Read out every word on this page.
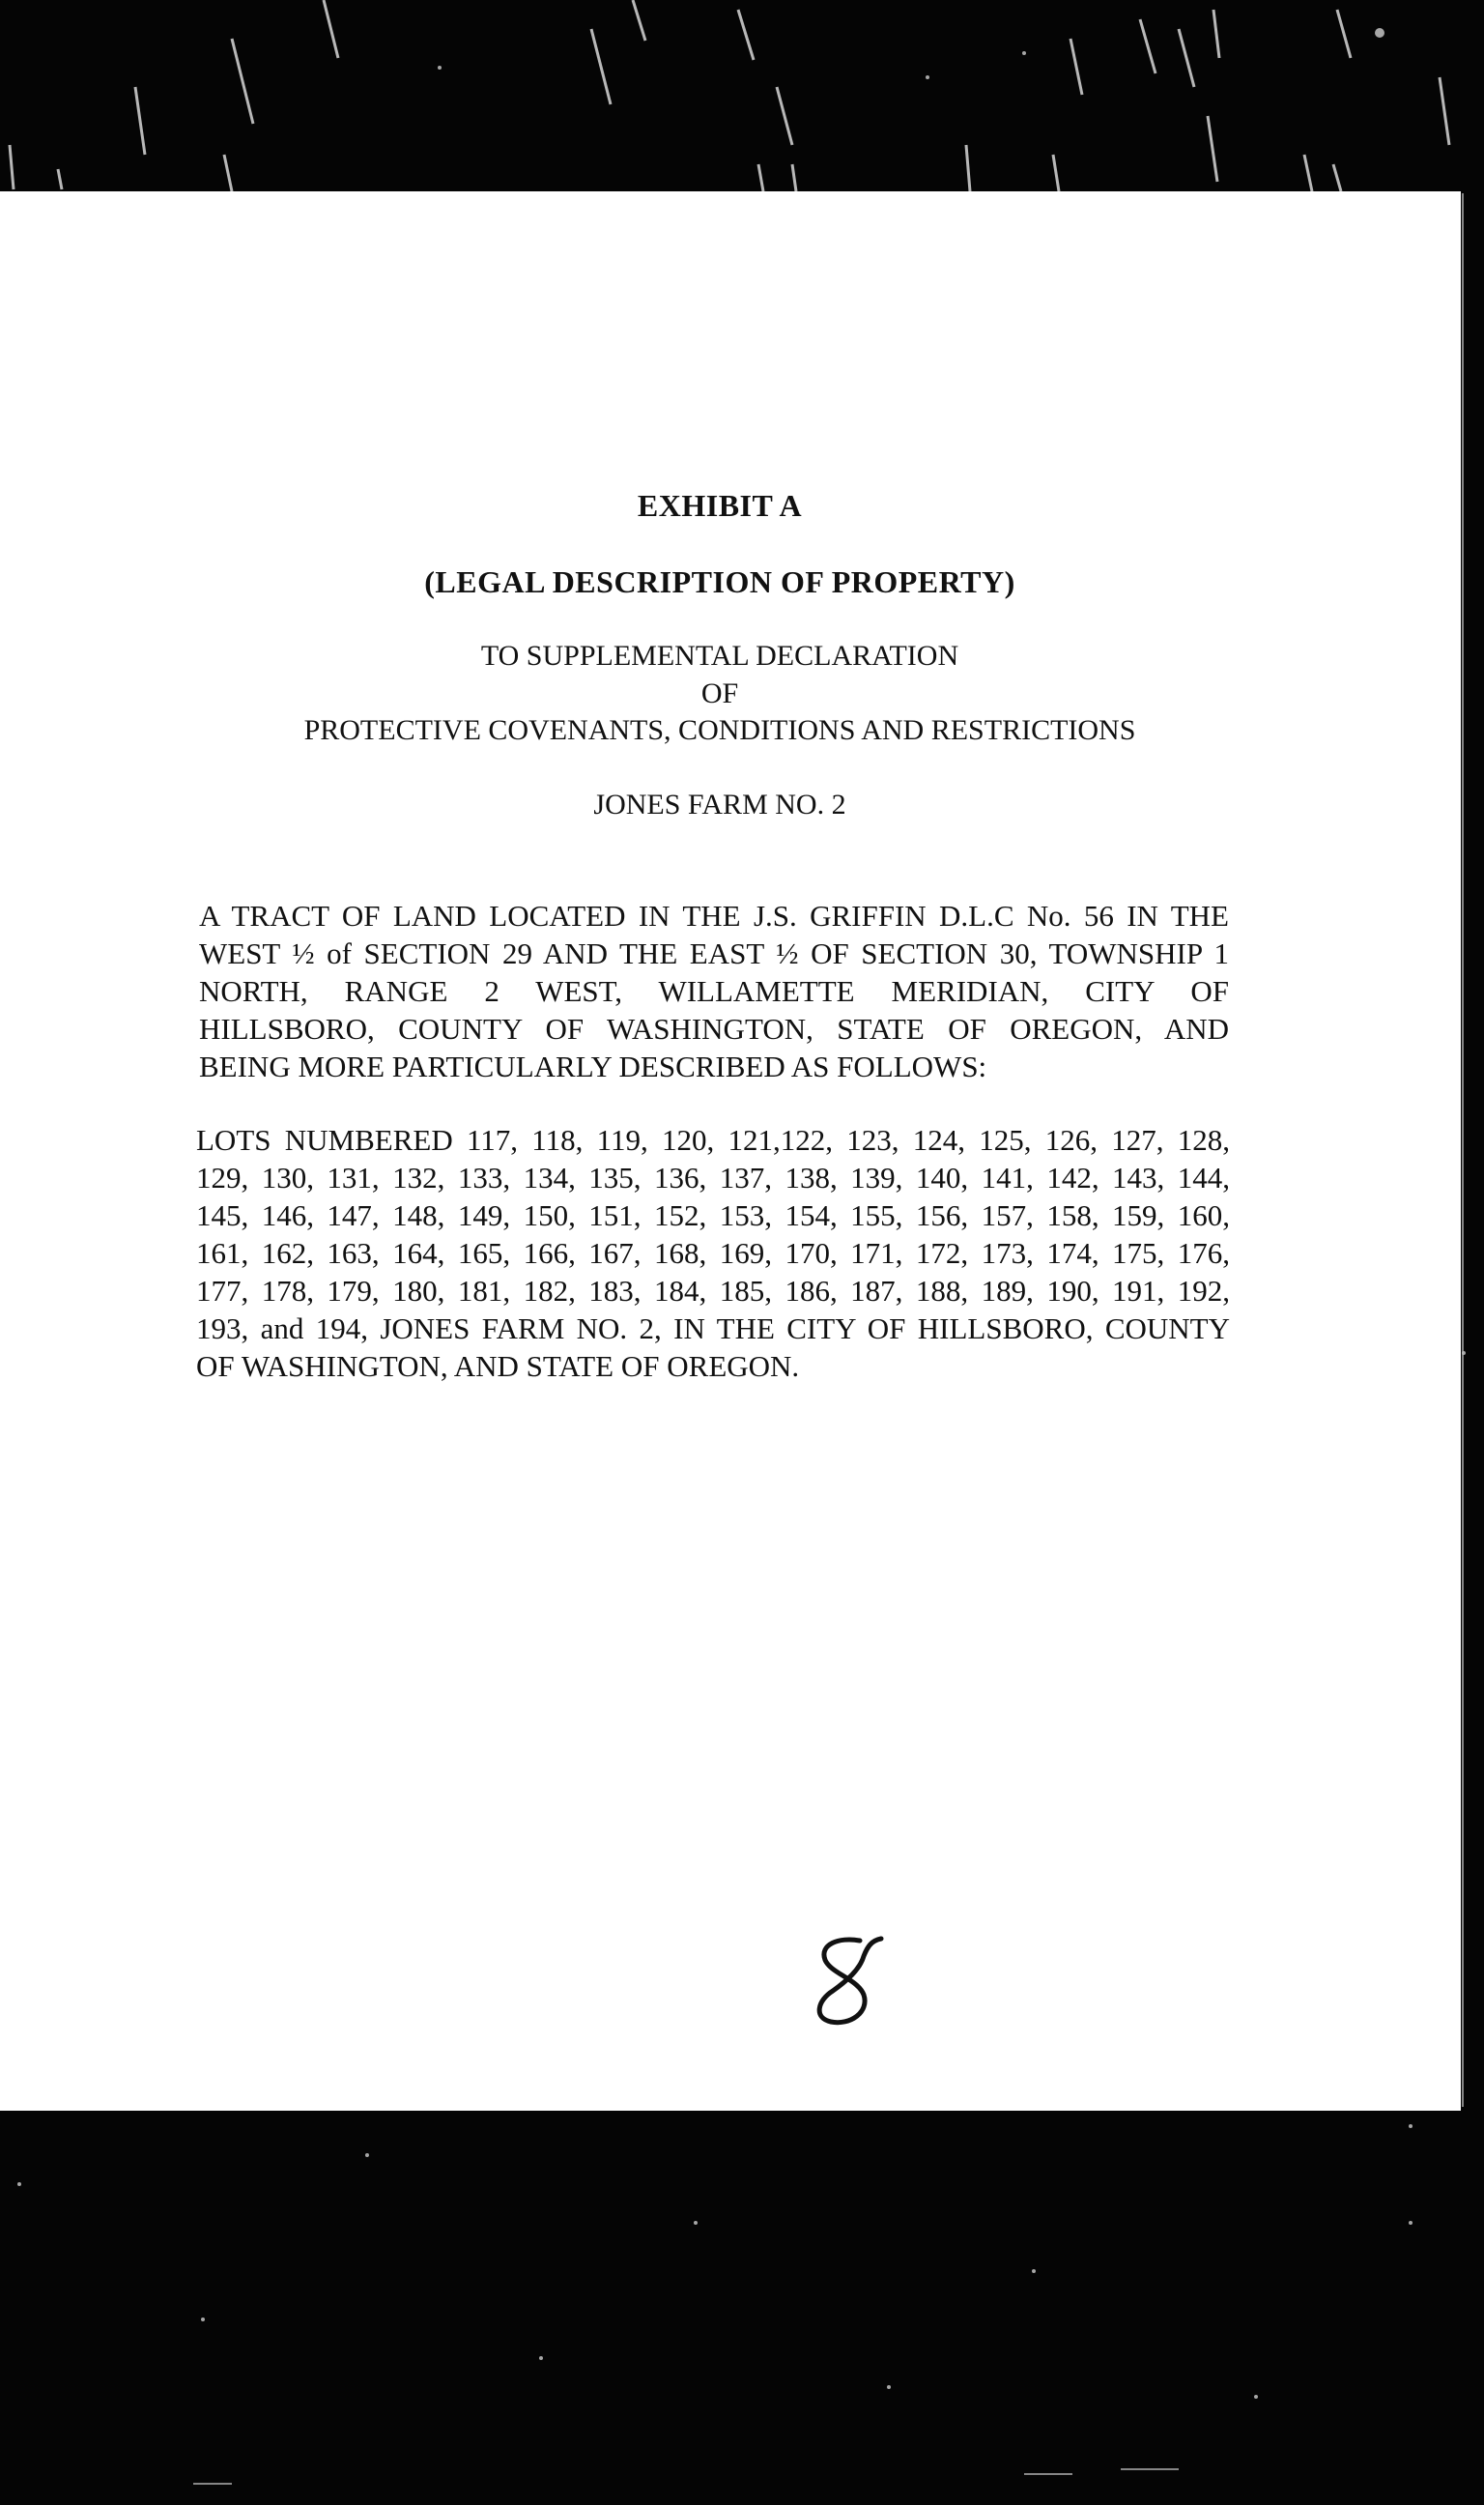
EXHIBIT A
(LEGAL DESCRIPTION OF PROPERTY)
TO SUPPLEMENTAL DECLARATION
OF
PROTECTIVE COVENANTS, CONDITIONS AND RESTRICTIONS
JONES FARM NO. 2
A TRACT OF LAND LOCATED IN THE J.S. GRIFFIN D.L.C No. 56 IN THE
WEST ½ of SECTION 29 AND THE EAST ½ OF SECTION 30, TOWNSHIP 1
NORTH, RANGE 2 WEST, WILLAMETTE MERIDIAN, CITY OF
HILLSBORO, COUNTY OF WASHINGTON, STATE OF OREGON, AND
BEING MORE PARTICULARLY DESCRIBED AS FOLLOWS:
LOTS NUMBERED 117, 118, 119, 120, 121,122, 123, 124, 125, 126, 127, 128,
129, 130, 131, 132, 133, 134, 135, 136, 137, 138, 139, 140, 141, 142, 143, 144,
145, 146, 147, 148, 149, 150, 151, 152, 153, 154, 155, 156, 157, 158, 159, 160,
161, 162, 163, 164, 165, 166, 167, 168, 169, 170, 171, 172, 173, 174, 175, 176,
177, 178, 179, 180, 181, 182, 183, 184, 185, 186, 187, 188, 189, 190, 191, 192,
193, and 194, JONES FARM NO. 2, IN THE CITY OF HILLSBORO, COUNTY
OF WASHINGTON, AND STATE OF OREGON.
